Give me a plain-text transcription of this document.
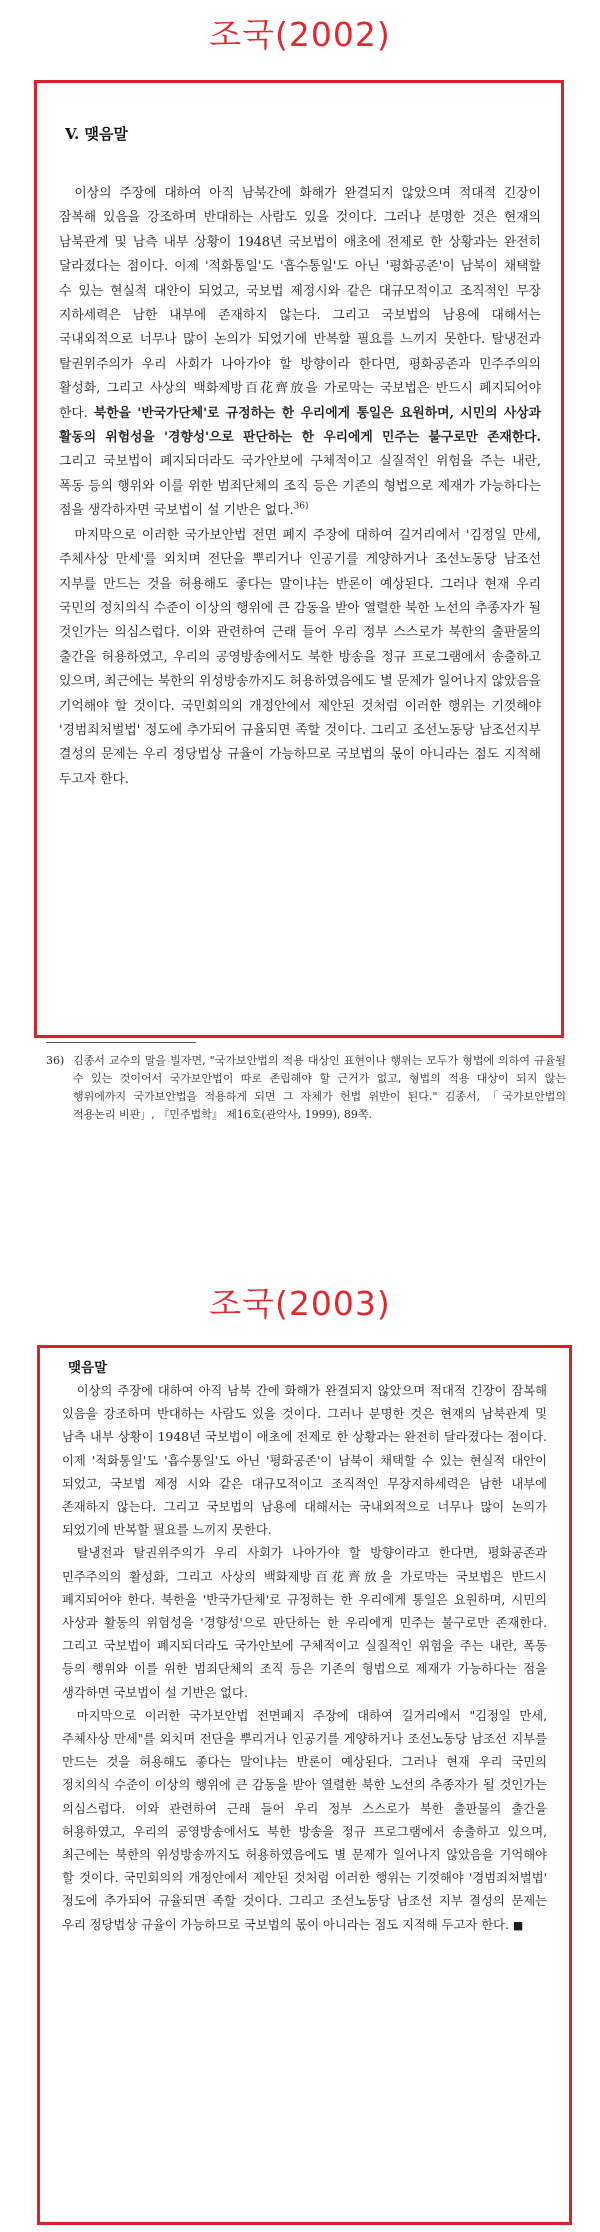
조국(2002)
V. 맺음말

이상의 주장에 대하여 아직 남북간에 화해가 완결되지 않았으며 적대적 긴장이 잠복해 있음을 강조하며 반대하는 사람도 있을 것이다. 그러나 분명한 것은 현재의 남북관계 및 남측 내부 상황이 1948년 국보법이 애초에 전제로 한 상황과는 완전히 달라졌다는 점이다. 이제 '적화통일'도 '흡수통일'도 아닌 '평화공존'이 남북이 채택할 수 있는 현실적 대안이 되었고, 국보법 제정시와 같은 대규모적이고 조직적인 무장 지하세력은 남한 내부에 존재하지 않는다. 그리고 국보법의 남용에 대해서는 국내외적으로 너무나 많이 논의가 되었기에 반복할 필요를 느끼지 못한다. 탈냉전과 탈권위주의가 우리 사회가 나아가야 할 방향이라 한다면, 평화공존과 민주주의의 활성화, 그리고 사상의 백화제방百花齊放을 가로막는 국보법은 반드시 폐지되어야 한다. 북한을 '반국가단체'로 규정하는 한 우리에게 통일은 요원하며, 시민의 사상과 활동의 위험성을 '경향성'으로 판단하는 한 우리에게 민주는 불구로만 존재한다. 그리고 국보법이 폐지되더라도 국가안보에 구체적이고 실질적인 위험을 주는 내란, 폭동 등의 행위와 이를 위한 범죄단체의 조직 등은 기존의 형법으로 제재가 가능하다는 점을 생각하자면 국보법이 설 기반은 없다.$^{36)}$

마지막으로 이러한 국가보안법 전면 폐지 주장에 대하여 길거리에서 '김정일 만세, 주체사상 만세'를 외치며 전단을 뿌리거나 인공기를 게양하거나 조선노동당 남조선 지부를 만드는 것을 허용해도 좋다는 말이냐는 반론이 예상된다. 그러나 현재 우리 국민의 정치의식 수준이 이상의 행위에 큰 감동을 받아 열렬한 북한 노선의 추종자가 될 것인가는 의심스럽다. 이와 관련하여 근래 들어 우리 정부 스스로가 북한의 출판물의 출간을 허용하였고, 우리의 공영방송에서도 북한 방송을 정규 프로그램에서 송출하고 있으며, 최근에는 북한의 위성방송까지도 허용하였음에도 별 문제가 일어나지 않았음을 기억해야 할 것이다. 국민회의의 개정안에서 제안된 것처럼 이러한 행위는 기껏해야 '경범죄처벌법' 정도에 추가되어 규율되면 족할 것이다. 그리고 조선노동당 남조선지부 결성의 문제는 우리 정당법상 규율이 가능하므로 국보법의 몫이 아니라는 점도 지적해 두고자 한다.

36) 김종서 교수의 말을 빌자면, "국가보안법의 적용 대상인 표현이나 행위는 모두가 형법에 의하여 규율될 수 있는 것이어서 국가보안법이 따로 존립해야 할 근거가 없고, 형법의 적용 대상이 되지 않는 행위에까지 국가보안법을 적용하게 되면 그 자체가 헌법 위반이 된다." 김종서, 「국가보안법의 적용논리 비판」, 『민주법학』 제16호(관악사, 1999), 89쪽.
조국(2003)
맺음말

이상의 주장에 대하여 아직 남북 간에 화해가 완결되지 않았으며 적대적 긴장이 잠복해 있음을 강조하며 반대하는 사람도 있을 것이다. 그러나 분명한 것은 현재의 남북관계 및 남측 내부 상황이 1948년 국보법이 애초에 전제로 한 상황과는 완전히 달라졌다는 점이다. 이제 '적화통일'도 '흡수통일'도 아닌 '평화공존'이 남북이 채택할 수 있는 현실적 대안이 되었고, 국보법 제정 시와 같은 대규모적이고 조직적인 무장지하세력은 남한 내부에 존재하지 않는다. 그리고 국보법의 남용에 대해서는 국내외적으로 너무나 많이 논의가 되었기에 반복할 필요를 느끼지 못한다.

탈냉전과 탈권위주의가 우리 사회가 나아가야 할 방향이라고 한다면, 평화공존과 민주주의의 활성화, 그리고 사상의 백화제방百花齊放을 가로막는 국보법은 반드시 폐지되어야 한다. 북한을 '반국가단체'로 규정하는 한 우리에게 통일은 요원하며, 시민의 사상과 활동의 위험성을 '경향성'으로 판단하는 한 우리에게 민주는 불구로만 존재한다. 그리고 국보법이 폐지되더라도 국가안보에 구체적이고 실질적인 위험을 주는 내란, 폭동 등의 행위와 이를 위한 범죄단체의 조직 등은 기존의 형법으로 제재가 가능하다는 점을 생각하면 국보법이 설 기반은 없다.

마지막으로 이러한 국가보안법 전면폐지 주장에 대하여 길거리에서 "김정일 만세, 주체사상 만세"를 외치며 전단을 뿌리거나 인공기를 게양하거나 조선노동당 남조선 지부를 만드는 것을 허용해도 좋다는 말이냐는 반론이 예상된다. 그러나 현재 우리 국민의 정치의식 수준이 이상의 행위에 큰 감동을 받아 열렬한 북한 노선의 추종자가 될 것인가는 의심스럽다. 이와 관련하여 근래 들어 우리 정부 스스로가 북한 출판물의 출간을 허용하였고, 우리의 공영방송에서도 북한 방송을 정규 프로그램에서 송출하고 있으며, 최근에는 북한의 위성방송까지도 허용하였음에도 별 문제가 일어나지 않았음을 기억해야 할 것이다. 국민회의의 개정안에서 제안된 것처럼 이러한 행위는 기껏해야 '경범죄처벌법' 정도에 추가되어 규율되면 족할 것이다. 그리고 조선노동당 남조선 지부 결성의 문제는 우리 정당법상 규율이 가능하므로 국보법의 몫이 아니라는 점도 지적해 두고자 한다. ■
